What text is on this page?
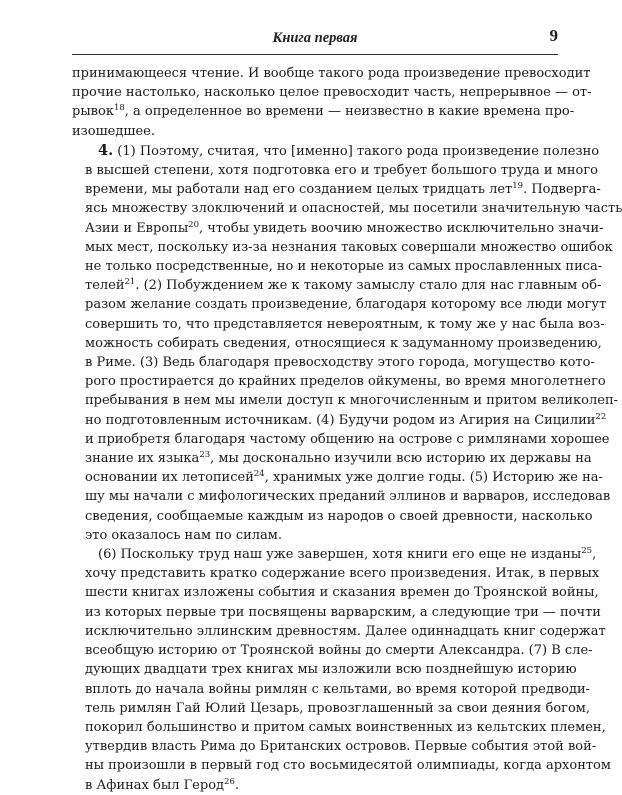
Книга первая	9
принимающееся чтение. И вообще такого рода произведение превосходит
прочие настолько, насколько целое превосходит часть, непрерывное — от-
рывок$^{18}$, а определенное во времени — неизвестно в какие времена про-
изошедшее.
4. (1) Поэтому, считая, что [именно] такого рода произведение полезно
в высшей степени, хотя подготовка его и требует большого труда и много
времени, мы работали над его созданием целых тридцать лет$^{19}$. Подверга-
ясь множеству злоключений и опасностей, мы посетили значительную часть
Азии и Европы$^{20}$, чтобы увидеть воочию множество исключительно значи-
мых мест, поскольку из-за незнания таковых совершали множество ошибок
не только посредственные, но и некоторые из самых прославленных писа-
телей$^{21}$. (2) Побуждением же к такому замыслу стало для нас главным об-
разом желание создать произведение, благодаря которому все люди могут
совершить то, что представляется невероятным, к тому же у нас была воз-
можность собирать сведения, относящиеся к задуманному произведению,
в Риме. (3) Ведь благодаря превосходству этого города, могущество кото-
рого простирается до крайних пределов ойкумены, во время многолетнего
пребывания в нем мы имели доступ к многочисленным и притом великолеп-
но подготовленным источникам. (4) Будучи родом из Агирия на Сицилии$^{22}$
и приобретя благодаря частому общению на острове с римлянами хорошее
знание их языка$^{23}$, мы досконально изучили всю историю их державы на
основании их летописей$^{24}$, хранимых уже долгие годы. (5) Историю же на-
шу мы начали с мифологических преданий эллинов и варваров, исследовав
сведения, сообщаемые каждым из народов о своей древности, насколько
это оказалось нам по силам.
(6) Поскольку труд наш уже завершен, хотя книги его еще не изданы$^{25}$,
хочу представить кратко содержание всего произведения. Итак, в первых
шести книгах изложены события и сказания времен до Троянской войны,
из которых первые три посвящены варварским, а следующие три — почти
исключительно эллинским древностям. Далее одиннадцать книг содержат
всеобщую историю от Троянской войны до смерти Александра. (7) В сле-
дующих двадцати трех книгах мы изложили всю позднейшую историю
вплоть до начала войны римлян с кельтами, во время которой предводи-
тель римлян Гай Юлий Цезарь, провозглашенный за свои деяния богом,
покорил большинство и притом самых воинственных из кельтских племен,
утвердив власть Рима до Британских островов. Первые события этой вой-
ны произошли в первый год сто восьмидесятой олимпиады, когда архонтом
в Афинах был Герод$^{26}$.
